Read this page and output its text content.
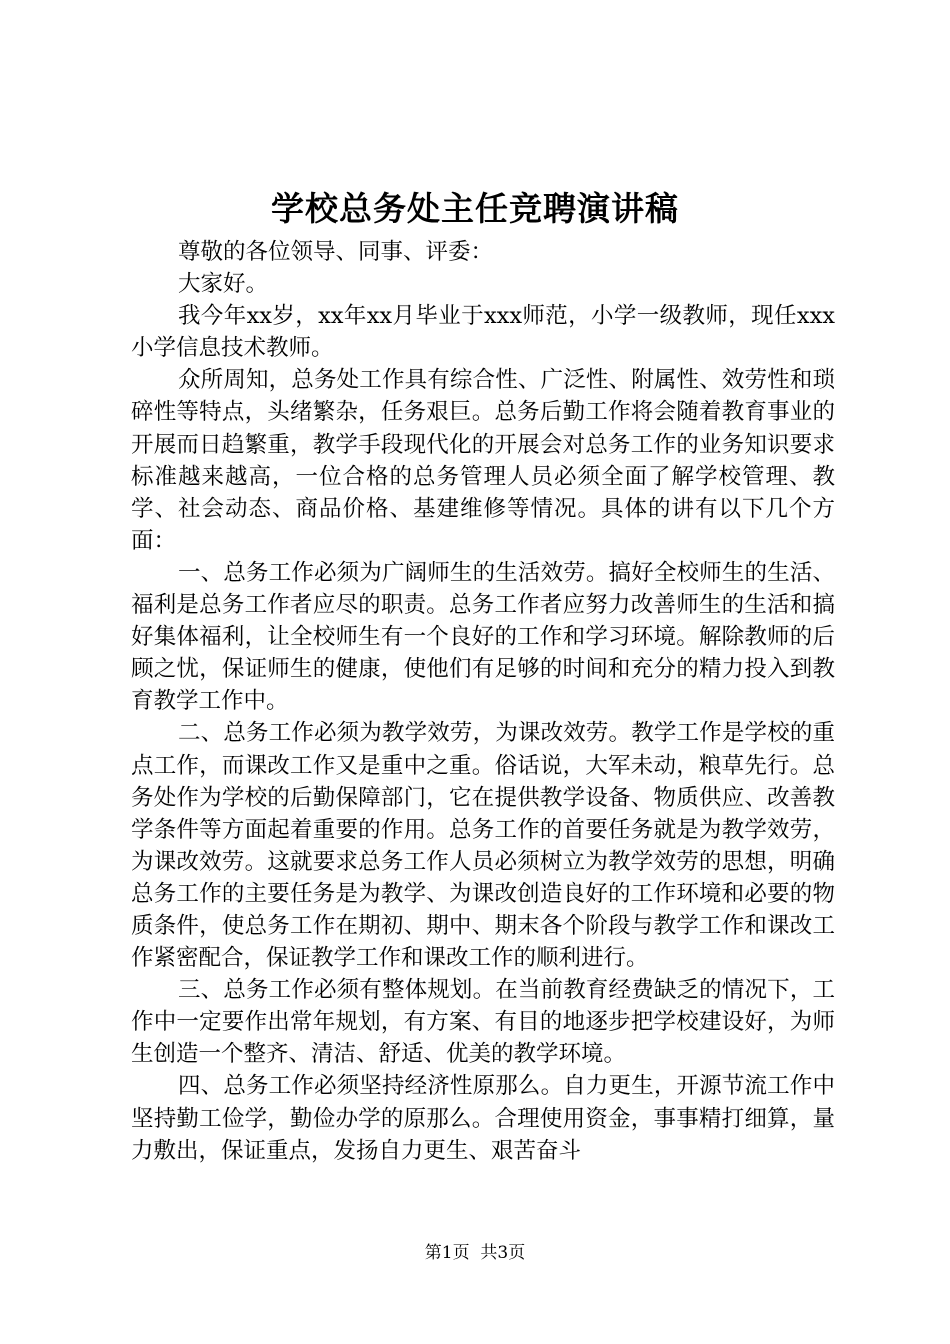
学校总务处主任竞聘演讲稿

尊敬的各位领导、同事、评委：

大家好。

我今年xx岁，xx年xx月毕业于xxx师范，小学一级教师，现任xxx小学信息技术教师。

众所周知，总务处工作具有综合性、广泛性、附属性、效劳性和琐碎性等特点，头绪繁杂，任务艰巨。总务后勤工作将会随着教育事业的开展而日趋繁重，教学手段现代化的开展会对总务工作的业务知识要求标准越来越高，一位合格的总务管理人员必须全面了解学校管理、教学、社会动态、商品价格、基建维修等情况。具体的讲有以下几个方面：

一、总务工作必须为广阔师生的生活效劳。搞好全校师生的生活、福利是总务工作者应尽的职责。总务工作者应努力改善师生的生活和搞好集体福利，让全校师生有一个良好的工作和学习环境。解除教师的后顾之忧，保证师生的健康，使他们有足够的时间和充分的精力投入到教育教学工作中。

二、总务工作必须为教学效劳，为课改效劳。教学工作是学校的重点工作，而课改工作又是重中之重。俗话说，大军未动，粮草先行。总务处作为学校的后勤保障部门，它在提供教学设备、物质供应、改善教学条件等方面起着重要的作用。总务工作的首要任务就是为教学效劳，为课改效劳。这就要求总务工作人员必须树立为教学效劳的思想，明确总务工作的主要任务是为教学、为课改创造良好的工作环境和必要的物质条件，使总务工作在期初、期中、期末各个阶段与教学工作和课改工作紧密配合，保证教学工作和课改工作的顺利进行。

三、总务工作必须有整体规划。在当前教育经费缺乏的情况下，工作中一定要作出常年规划，有方案、有目的地逐步把学校建设好，为师生创造一个整齐、清洁、舒适、优美的教学环境。

四、总务工作必须坚持经济性原那么。自力更生，开源节流工作中坚持勤工俭学，勤俭办学的原那么。合理使用资金，事事精打细算，量力敷出，保证重点，发扬自力更生、艰苦奋斗

第1页 共3页
